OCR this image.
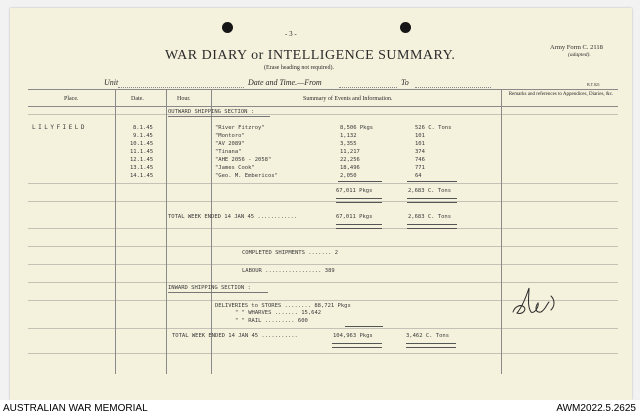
- 3 -
WAR DIARY or INTELLIGENCE SUMMARY.
(Erase heading not required).
Army Form C. 2118
(adapted).
B.T.821
Unit	Date and Time.—From	To
Place.	Date.	Hour.	Summary of Events and Information.
Remarks and references to Appendices, Diaries, &c.
OUTWARD SHIPPING SECTION :
LILYFIELD	8.1.45	"River Fitzroy"	8,506 Pkgs	526 C. Tons
9.1.45	"Montoro"	1,132	101
10.1.45	"AV 2089"	3,355	101
11.1.45	"Tinana"	11,217	374
12.1.45	"AHE 2056 - 2058"	22,256	746
13.1.45	"James Cook"	18,496	771
14.1.45	"Geo. M. Embericos"	2,050	64
67,011 Pkgs	2,683 C. Tons
TOTAL WEEK ENDED 14 JAN 45 ............	67,011 Pkgs	2,683 C. Tons
COMPLETED SHIPMENTS ....... 2
LABOUR ................. 389
INWARD SHIPPING SECTION :
DELIVERIES to STORES ........ 88,721 Pkgs
" " WHARVES ....... 15,642
" " RAIL ......... 600
TOTAL WEEK ENDED 14 JAN 45 ...........	104,963 Pkgs	3,462 C. Tons
AUSTRALIAN WAR MEMORIAL	AWM2022.5.2625
